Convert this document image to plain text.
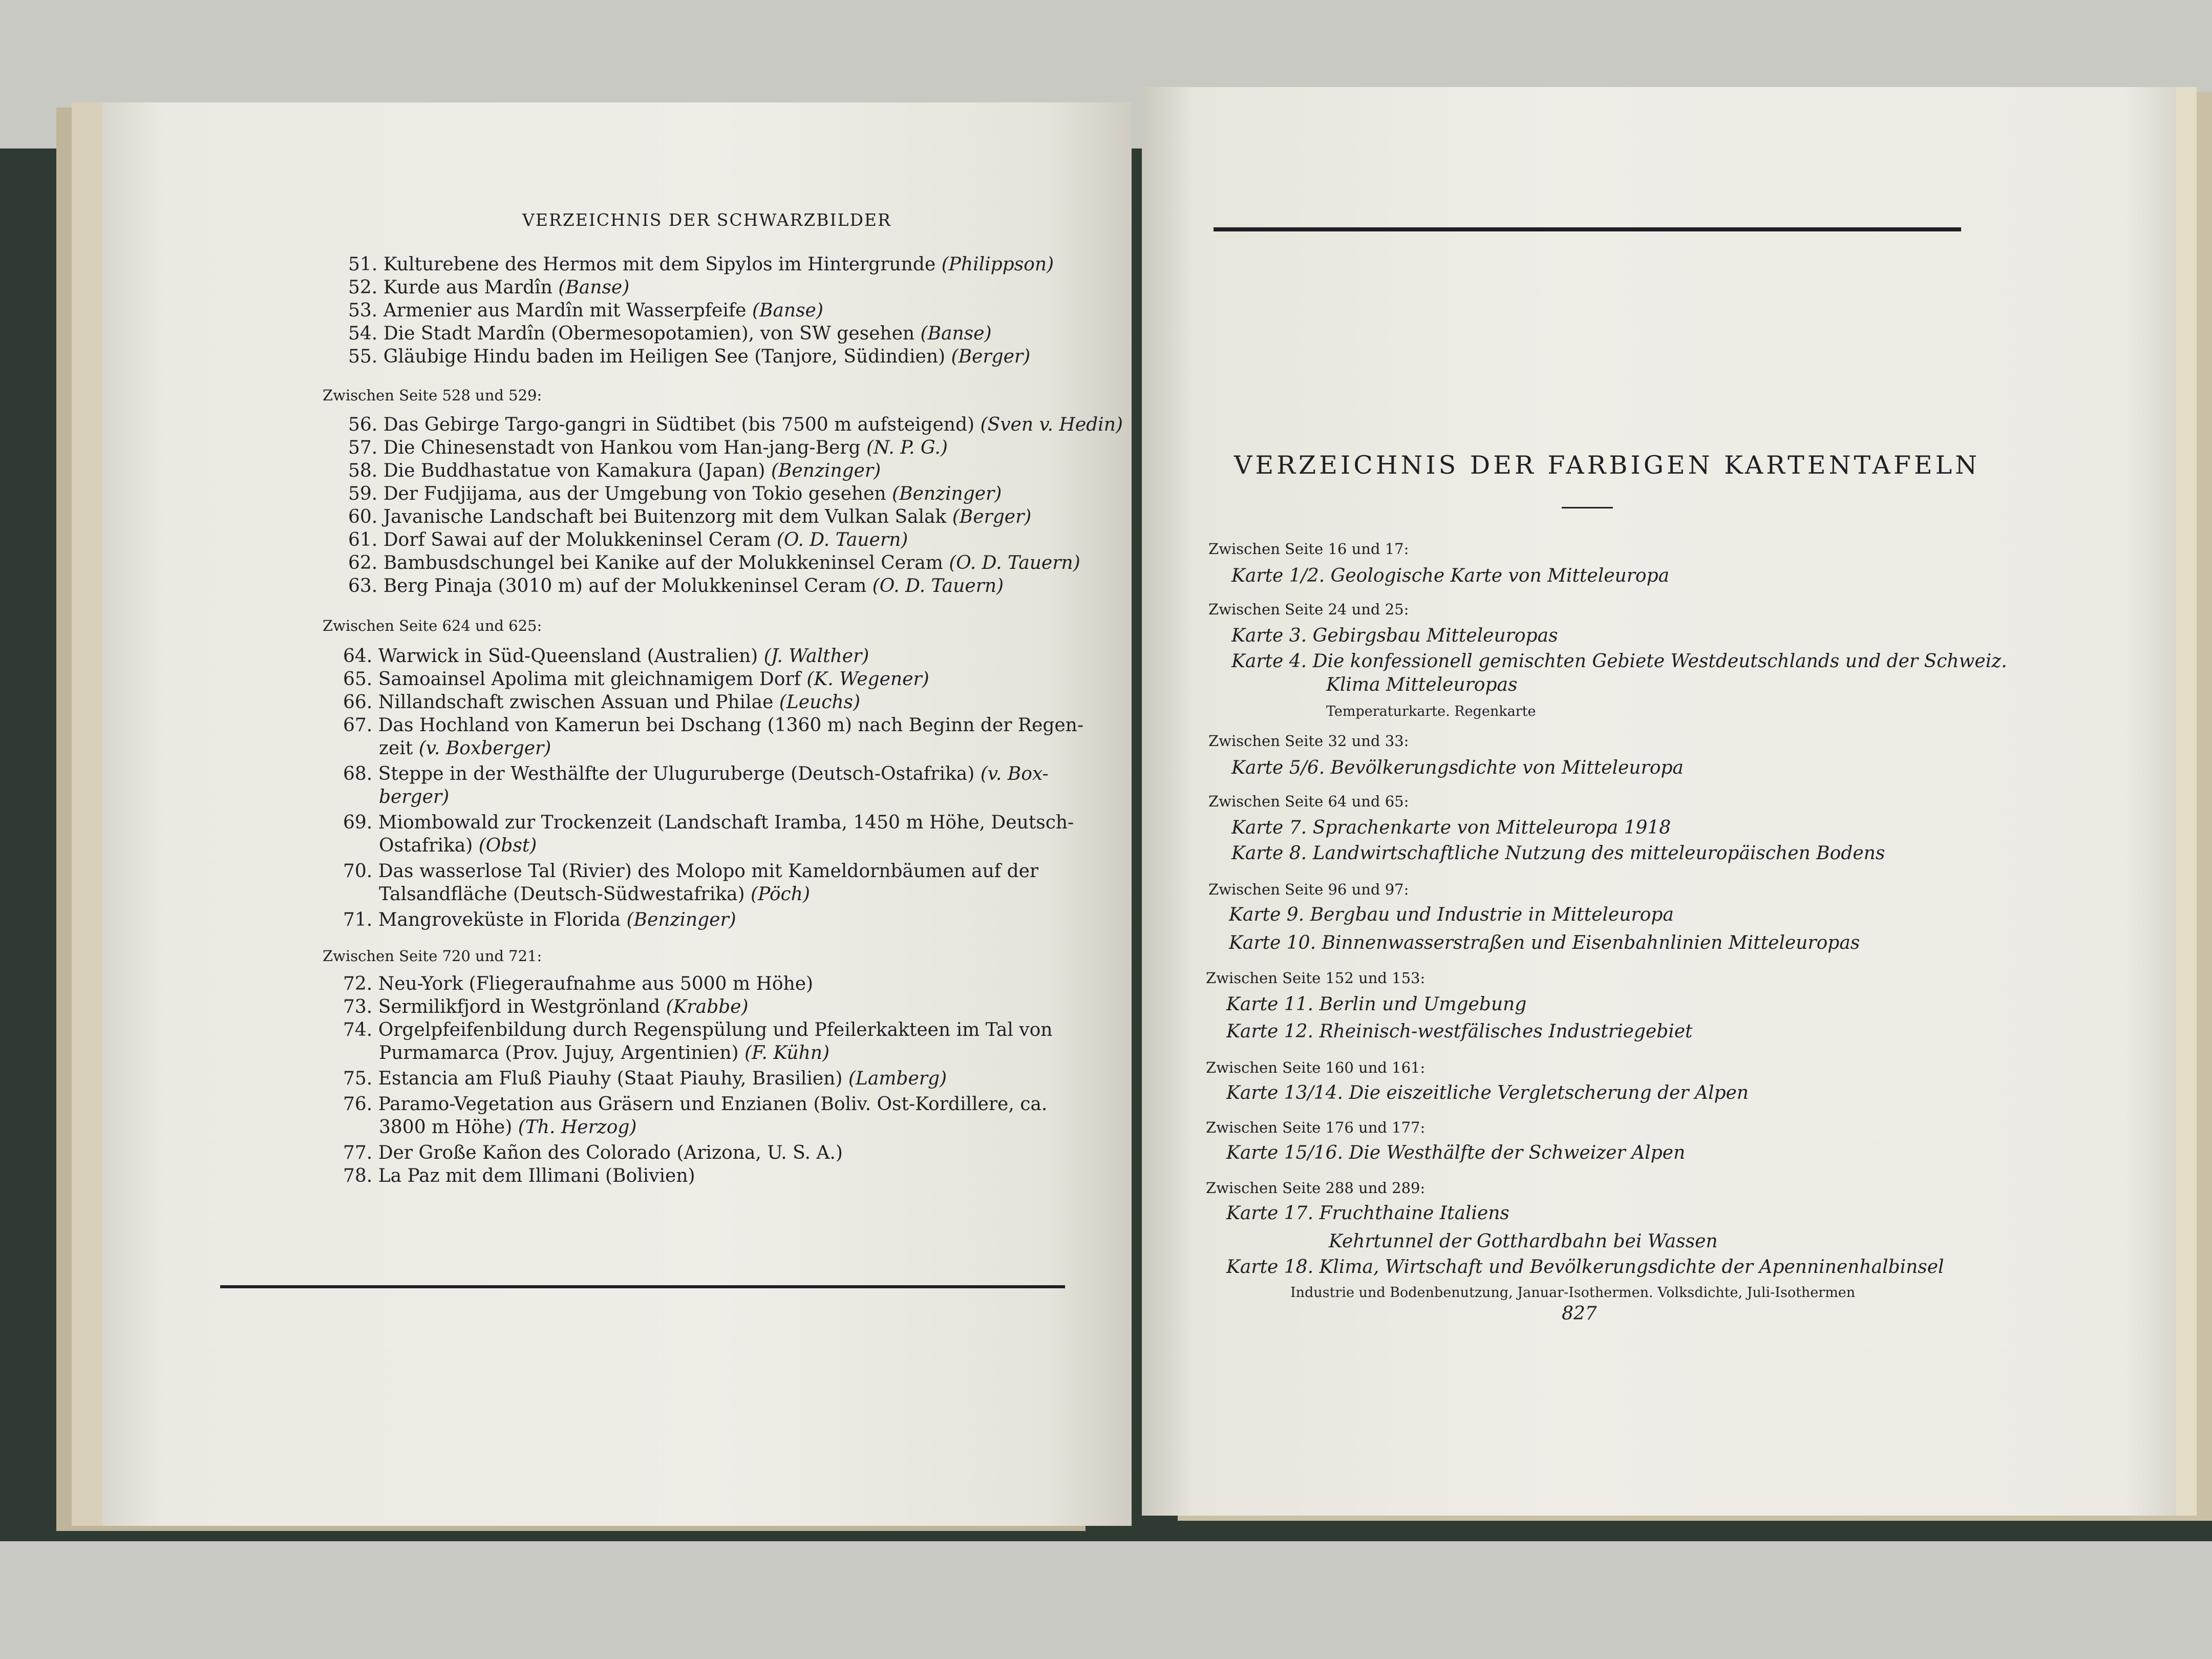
VERZEICHNIS DER SCHWARZBILDER
51. Kulturebene des Hermos mit dem Sipylos im Hintergrunde (Philippson)
52. Kurde aus Mardîn (Banse)
53. Armenier aus Mardîn mit Wasserpfeife (Banse)
54. Die Stadt Mardîn (Obermesopotamien), von SW gesehen (Banse)
55. Gläubige Hindu baden im Heiligen See (Tanjore, Südindien) (Berger)
Zwischen Seite 528 und 529:
56. Das Gebirge Targo-gangri in Südtibet (bis 7500 m aufsteigend) (Sven v. Hedin)
57. Die Chinesenstadt von Hankou vom Han-jang-Berg (N. P. G.)
58. Die Buddhastatue von Kamakura (Japan) (Benzinger)
59. Der Fudjijama, aus der Umgebung von Tokio gesehen (Benzinger)
60. Javanische Landschaft bei Buitenzorg mit dem Vulkan Salak (Berger)
61. Dorf Sawai auf der Molukkeninsel Ceram (O. D. Tauern)
62. Bambusdschungel bei Kanike auf der Molukkeninsel Ceram (O. D. Tauern)
63. Berg Pinaja (3010 m) auf der Molukkeninsel Ceram (O. D. Tauern)
Zwischen Seite 624 und 625:
64. Warwick in Süd-Queensland (Australien) (J. Walther)
65. Samoainsel Apolima mit gleichnamigem Dorf (K. Wegener)
66. Nillandschaft zwischen Assuan und Philae (Leuchs)
67. Das Hochland von Kamerun bei Dschang (1360 m) nach Beginn der Regen-
zeit (v. Boxberger)
68. Steppe in der Westhälfte der Uluguruberge (Deutsch-Ostafrika) (v. Box-
berger)
69. Miombowald zur Trockenzeit (Landschaft Iramba, 1450 m Höhe, Deutsch-
Ostafrika) (Obst)
70. Das wasserlose Tal (Rivier) des Molopo mit Kameldornbäumen auf der
Talsandfläche (Deutsch-Südwestafrika) (Pöch)
71. Mangroveküste in Florida (Benzinger)
Zwischen Seite 720 und 721:
72. Neu-York (Fliegeraufnahme aus 5000 m Höhe)
73. Sermilikfjord in Westgrönland (Krabbe)
74. Orgelpfeifenbildung durch Regenspülung und Pfeilerkakteen im Tal von
Purmamarca (Prov. Jujuy, Argentinien) (F. Kühn)
75. Estancia am Fluß Piauhy (Staat Piauhy, Brasilien) (Lamberg)
76. Paramo-Vegetation aus Gräsern und Enzianen (Boliv. Ost-Kordillere, ca.
3800 m Höhe) (Th. Herzog)
77. Der Große Kañon des Colorado (Arizona, U. S. A.)
78. La Paz mit dem Illimani (Bolivien)
VERZEICHNIS DER FARBIGEN KARTENTAFELN
Zwischen Seite 16 und 17:
Karte 1/2. Geologische Karte von Mitteleuropa
Zwischen Seite 24 und 25:
Karte 3. Gebirgsbau Mitteleuropas
Karte 4. Die konfessionell gemischten Gebiete Westdeutschlands und der Schweiz.
Klima Mitteleuropas
Temperaturkarte. Regenkarte
Zwischen Seite 32 und 33:
Karte 5/6. Bevölkerungsdichte von Mitteleuropa
Zwischen Seite 64 und 65:
Karte 7. Sprachenkarte von Mitteleuropa 1918
Karte 8. Landwirtschaftliche Nutzung des mitteleuropäischen Bodens
Zwischen Seite 96 und 97:
Karte 9. Bergbau und Industrie in Mitteleuropa
Karte 10. Binnenwasserstraßen und Eisenbahnlinien Mitteleuropas
Zwischen Seite 152 und 153:
Karte 11. Berlin und Umgebung
Karte 12. Rheinisch-westfälisches Industriegebiet
Zwischen Seite 160 und 161:
Karte 13/14. Die eiszeitliche Vergletscherung der Alpen
Zwischen Seite 176 und 177:
Karte 15/16. Die Westhälfte der Schweizer Alpen
Zwischen Seite 288 und 289:
Karte 17. Fruchthaine Italiens
Kehrtunnel der Gotthardbahn bei Wassen
Karte 18. Klima, Wirtschaft und Bevölkerungsdichte der Apenninenhalbinsel
Industrie und Bodenbenutzung, Januar-Isothermen. Volksdichte, Juli-Isothermen
827
